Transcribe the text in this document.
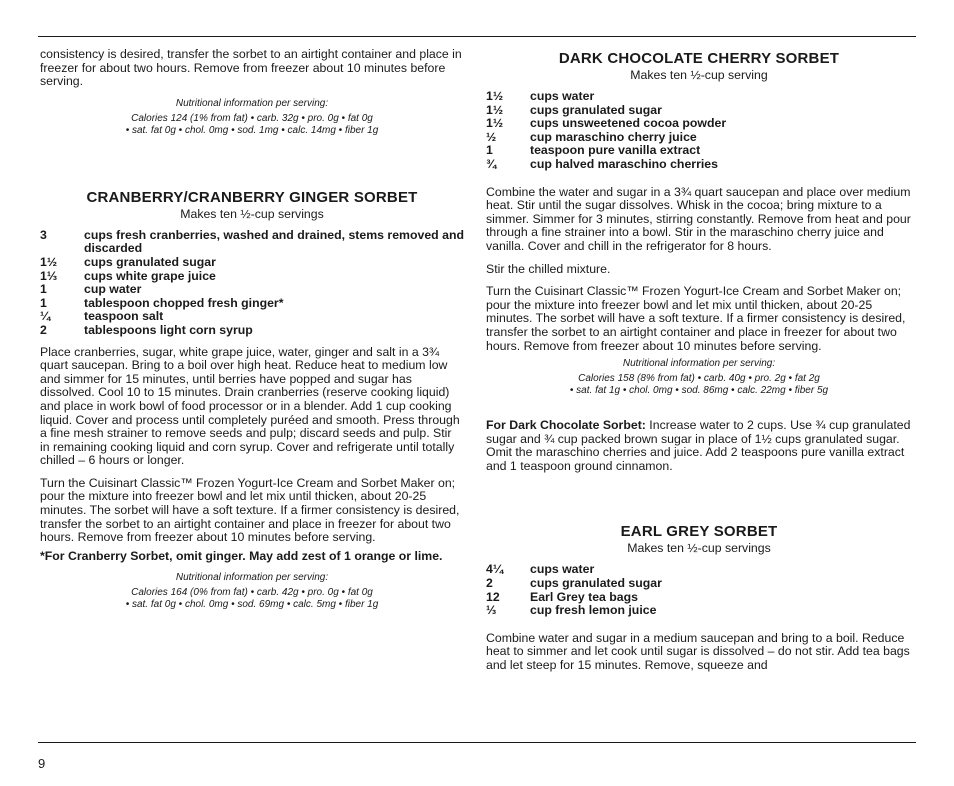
consistency is desired, transfer the sorbet to an airtight container and place in freezer for about two hours. Remove from freezer about 10 minutes before serving.

Nutritional information per serving:
Calories 124 (1% from fat) • carb. 32g • pro. 0g • fat 0g
• sat. fat 0g • chol. 0mg • sod. 1mg • calc. 14mg • fiber 1g
CRANBERRY/CRANBERRY GINGER SORBET
Makes ten ½-cup servings
3	cups fresh cranberries, washed and drained, stems removed and discarded
1½	cups granulated sugar
1⅓	cups white grape juice
1	cup water
1	tablespoon chopped fresh ginger*
¼	teaspoon salt
2	tablespoons light corn syrup

Place cranberries, sugar, white grape juice, water, ginger and salt in a 3¾ quart saucepan. Bring to a boil over high heat. Reduce heat to medium low and simmer for 15 minutes, until berries have popped and sugar has dissolved. Cool 10 to 15 minutes. Drain cranberries (reserve cooking liquid) and place in work bowl of food processor or in a blender. Add 1 cup cooking liquid. Cover and process until completely puréed and smooth. Press through a fine mesh strainer to remove seeds and pulp; discard seeds and pulp. Stir in remaining cooking liquid and corn syrup. Cover and refrigerate until totally chilled – 6 hours or longer.

Turn the Cuisinart Classic™ Frozen Yogurt-Ice Cream and Sorbet Maker on; pour the mixture into freezer bowl and let mix until thicken, about 20-25 minutes. The sorbet will have a soft texture. If a firmer consistency is desired, transfer the sorbet to an airtight container and place in freezer for about two hours. Remove from freezer about 10 minutes before serving.

*For Cranberry Sorbet, omit ginger. May add zest of 1 orange or lime.

Nutritional information per serving:
Calories 164 (0% from fat) • carb. 42g • pro. 0g • fat 0g
• sat. fat 0g • chol. 0mg • sod. 69mg • calc. 5mg • fiber 1g
DARK CHOCOLATE CHERRY SORBET
Makes ten ½-cup serving
1½	cups water
1½	cups granulated sugar
1½	cups unsweetened cocoa powder
½	cup maraschino cherry juice
1	teaspoon pure vanilla extract
¾	cup halved maraschino cherries

Combine the water and sugar in a 3¾ quart saucepan and place over medium heat. Stir until the sugar dissolves. Whisk in the cocoa; bring mixture to a simmer. Simmer for 3 minutes, stirring constantly. Remove from heat and pour through a fine strainer into a bowl. Stir in the maraschino cherry juice and vanilla. Cover and chill in the refrigerator for 8 hours.

Stir the chilled mixture.

Turn the Cuisinart Classic™ Frozen Yogurt-Ice Cream and Sorbet Maker on; pour the mixture into freezer bowl and let mix until thicken, about 20-25 minutes. The sorbet will have a soft texture. If a firmer consistency is desired, transfer the sorbet to an airtight container and place in freezer for about two hours. Remove from freezer about 10 minutes before serving.

Nutritional information per serving:
Calories 158 (8% from fat) • carb. 40g • pro. 2g • fat 2g
• sat. fat 1g • chol. 0mg • sod. 86mg • calc. 22mg • fiber 5g

For Dark Chocolate Sorbet: Increase water to 2 cups. Use ¾ cup granulated sugar and ¾ cup packed brown sugar in place of 1½ cups granulated sugar. Omit the maraschino cherries and juice. Add 2 teaspoons pure vanilla extract and 1 teaspoon ground cinnamon.

EARL GREY SORBET
Makes ten ½-cup servings
4¼	cups water
2	cups granulated sugar
12	Earl Grey tea bags
⅓	cup fresh lemon juice

Combine water and sugar in a medium saucepan and bring to a boil. Reduce heat to simmer and let cook until sugar is dissolved – do not stir. Add tea bags and let steep for 15 minutes. Remove, squeeze and

9
